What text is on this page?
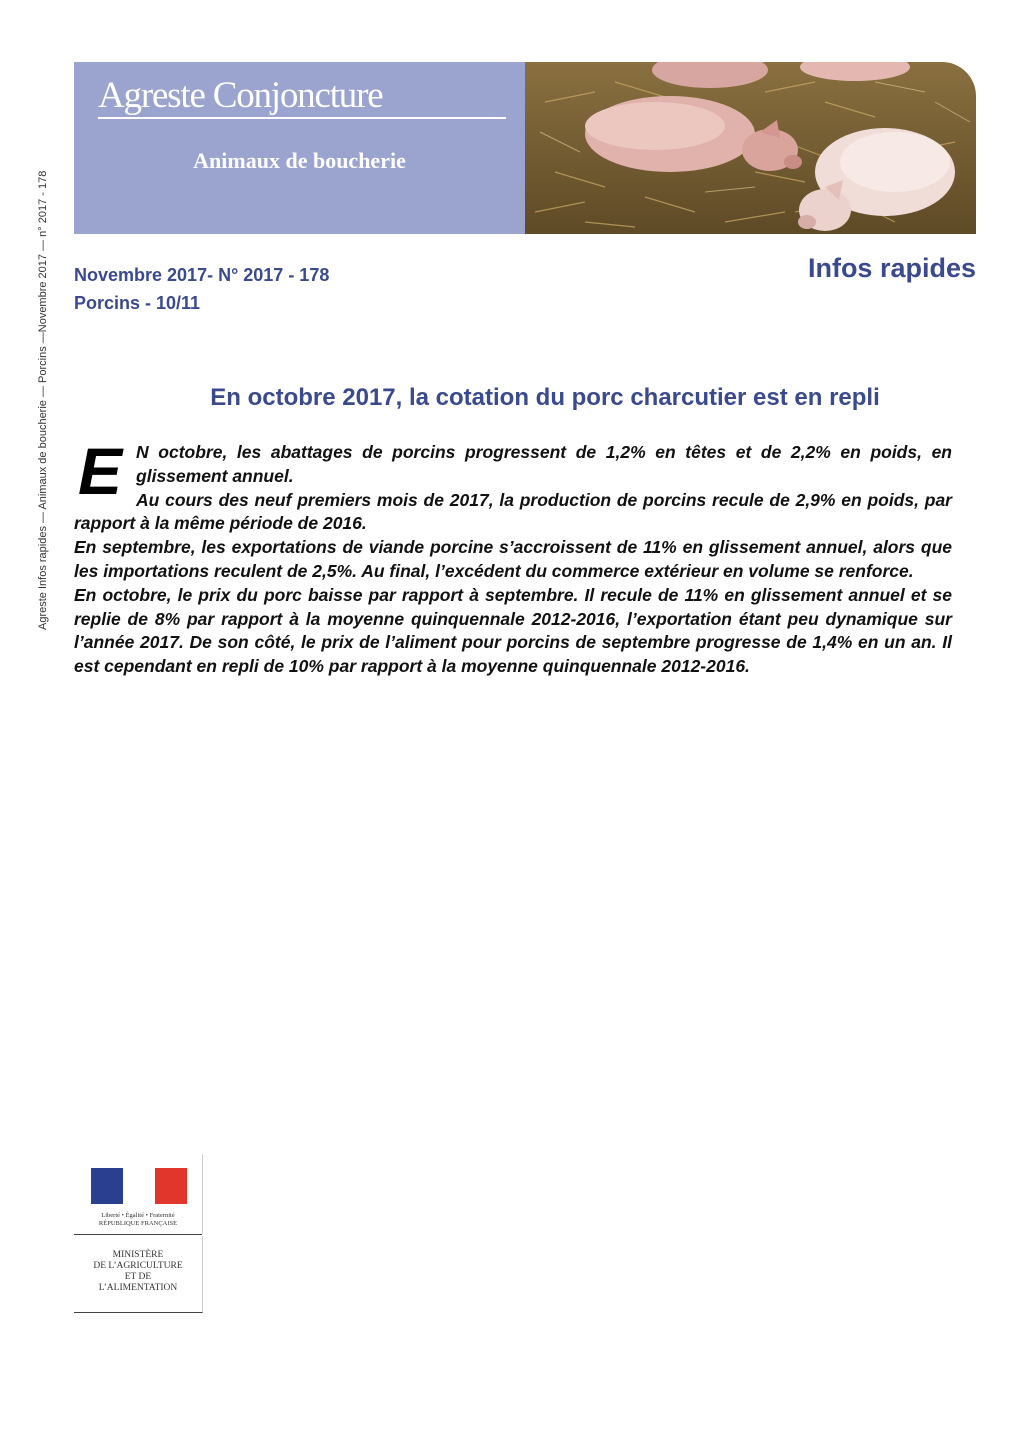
Agreste Infos rapides — Animaux de boucherie — Porcins —Novembre 2017 — n° 2017 - 178
Agreste Conjoncture
Animaux de boucherie
Novembre 2017- N° 2017 - 178
Porcins - 10/11
Infos rapides
En octobre 2017, la cotation du porc charcutier est en repli
E N octobre, les abattages de porcins progressent de 1,2% en têtes et de 2,2% en poids, en glissement annuel.

Au cours des neuf premiers mois de 2017, la production de porcins recule de 2,9% en poids, par rapport à la même période de 2016.

En septembre, les exportations de viande porcine s’accroissent de 11% en glissement annuel, alors que les importations reculent de 2,5%. Au final, l’excédent du commerce extérieur en volume se renforce.

En octobre, le prix du porc baisse par rapport à septembre. Il recule de 11% en glissement annuel et se replie de 8% par rapport à la moyenne quinquennale 2012-2016, l’exportation étant peu dynamique sur l’année 2017. De son côté, le prix de l’aliment pour porcins de septembre progresse de 1,4% en un an. Il est cependant en repli de 10% par rapport à la moyenne quinquennale 2012-2016.

Liberté • Égalité • Fraternité
RÉPUBLIQUE FRANÇAISE
MINISTÈRE
DE L’AGRICULTURE
ET DE
L’ALIMENTATION
